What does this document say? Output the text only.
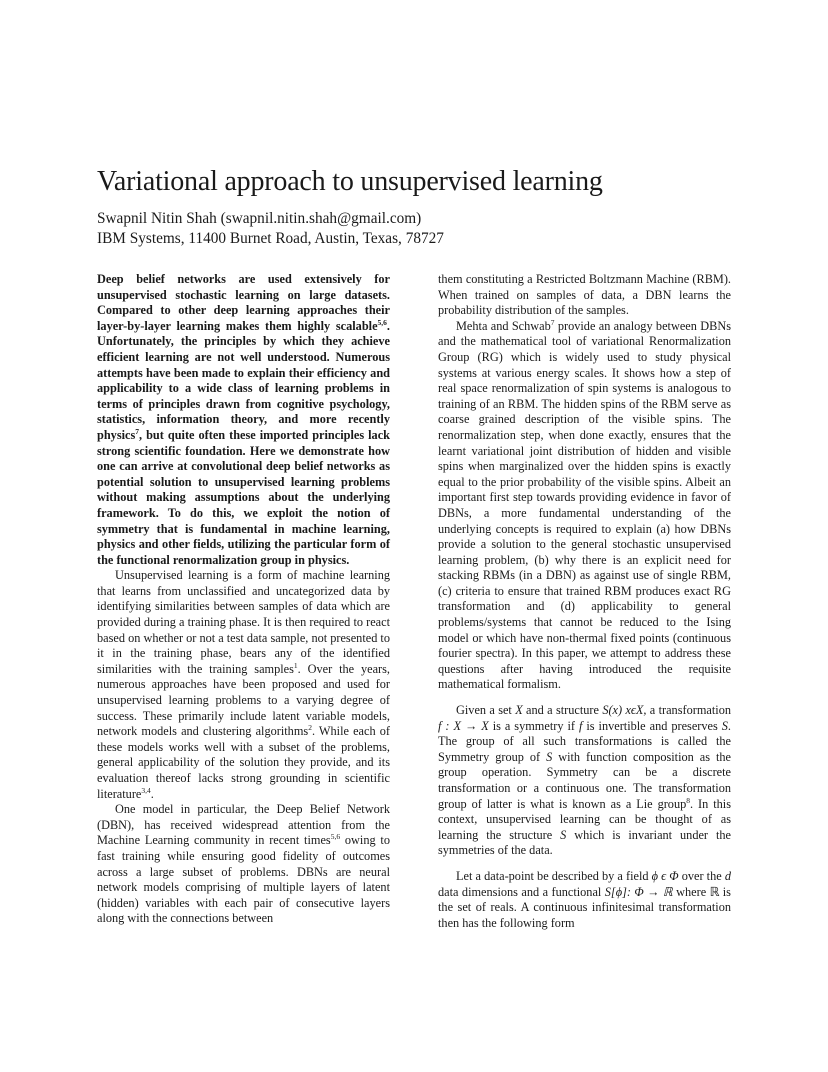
Variational approach to unsupervised learning
Swapnil Nitin Shah (swapnil.nitin.shah@gmail.com)
IBM Systems, 11400 Burnet Road, Austin, Texas, 78727

Deep belief networks are used extensively for unsupervised stochastic learning on large datasets. Compared to other deep learning approaches their layer-by-layer learning makes them highly scalable$^{5,6}$. Unfortunately, the principles by which they achieve efficient learning are not well understood. Numerous attempts have been made to explain their efficiency and applicability to a wide class of learning problems in terms of principles drawn from cognitive psychology, statistics, information theory, and more recently physics$^7$, but quite often these imported principles lack strong scientific foundation. Here we demonstrate how one can arrive at convolutional deep belief networks as potential solution to unsupervised learning problems without making assumptions about the underlying framework. To do this, we exploit the notion of symmetry that is fundamental in machine learning, physics and other fields, utilizing the particular form of the functional renormalization group in physics.

Unsupervised learning is a form of machine learning that learns from unclassified and uncategorized data by identifying similarities between samples of data which are provided during a training phase. It is then required to react based on whether or not a test data sample, not presented to it in the training phase, bears any of the identified similarities with the training samples$^1$. Over the years, numerous approaches have been proposed and used for unsupervised learning problems to a varying degree of success. These primarily include latent variable models, network models and clustering algorithms$^2$. While each of these models works well with a subset of the problems, general applicability of the solution they provide, and its evaluation thereof lacks strong grounding in scientific literature$^{3,4}$.

One model in particular, the Deep Belief Network (DBN), has received widespread attention from the Machine Learning community in recent times$^{5,6}$ owing to fast training while ensuring good fidelity of outcomes across a large subset of problems. DBNs are neural network models comprising of multiple layers of latent (hidden) variables with each pair of consecutive layers along with the connections between

them constituting a Restricted Boltzmann Machine (RBM). When trained on samples of data, a DBN learns the probability distribution of the samples.

Mehta and Schwab$^7$ provide an analogy between DBNs and the mathematical tool of variational Renormalization Group (RG) which is widely used to study physical systems at various energy scales. It shows how a step of real space renormalization of spin systems is analogous to training of an RBM. The hidden spins of the RBM serve as coarse grained description of the visible spins. The renormalization step, when done exactly, ensures that the learnt variational joint distribution of hidden and visible spins when marginalized over the hidden spins is exactly equal to the prior probability of the visible spins. Albeit an important first step towards providing evidence in favor of DBNs, a more fundamental understanding of the underlying concepts is required to explain (a) how DBNs provide a solution to the general stochastic unsupervised learning problem, (b) why there is an explicit need for stacking RBMs (in a DBN) as against use of single RBM, (c) criteria to ensure that trained RBM produces exact RG transformation and (d) applicability to general problems/systems that cannot be reduced to the Ising model or which have non-thermal fixed points (continuous fourier spectra). In this paper, we attempt to address these questions after having introduced the requisite mathematical formalism.

Given a set X and a structure S(x) xϵX, a transformation f : X → X is a symmetry if f is invertible and preserves S. The group of all such transformations is called the Symmetry group of S with function composition as the group operation. Symmetry can be a discrete transformation or a continuous one. The transformation group of latter is what is known as a Lie group$^8$. In this context, unsupervised learning can be thought of as learning the structure S which is invariant under the symmetries of the data.

Let a data-point be described by a field ϕ ϵ Φ over the d data dimensions and a functional S[ϕ]: Φ → ℝ where ℝ is the set of reals. A continuous infinitesimal transformation then has the following form
